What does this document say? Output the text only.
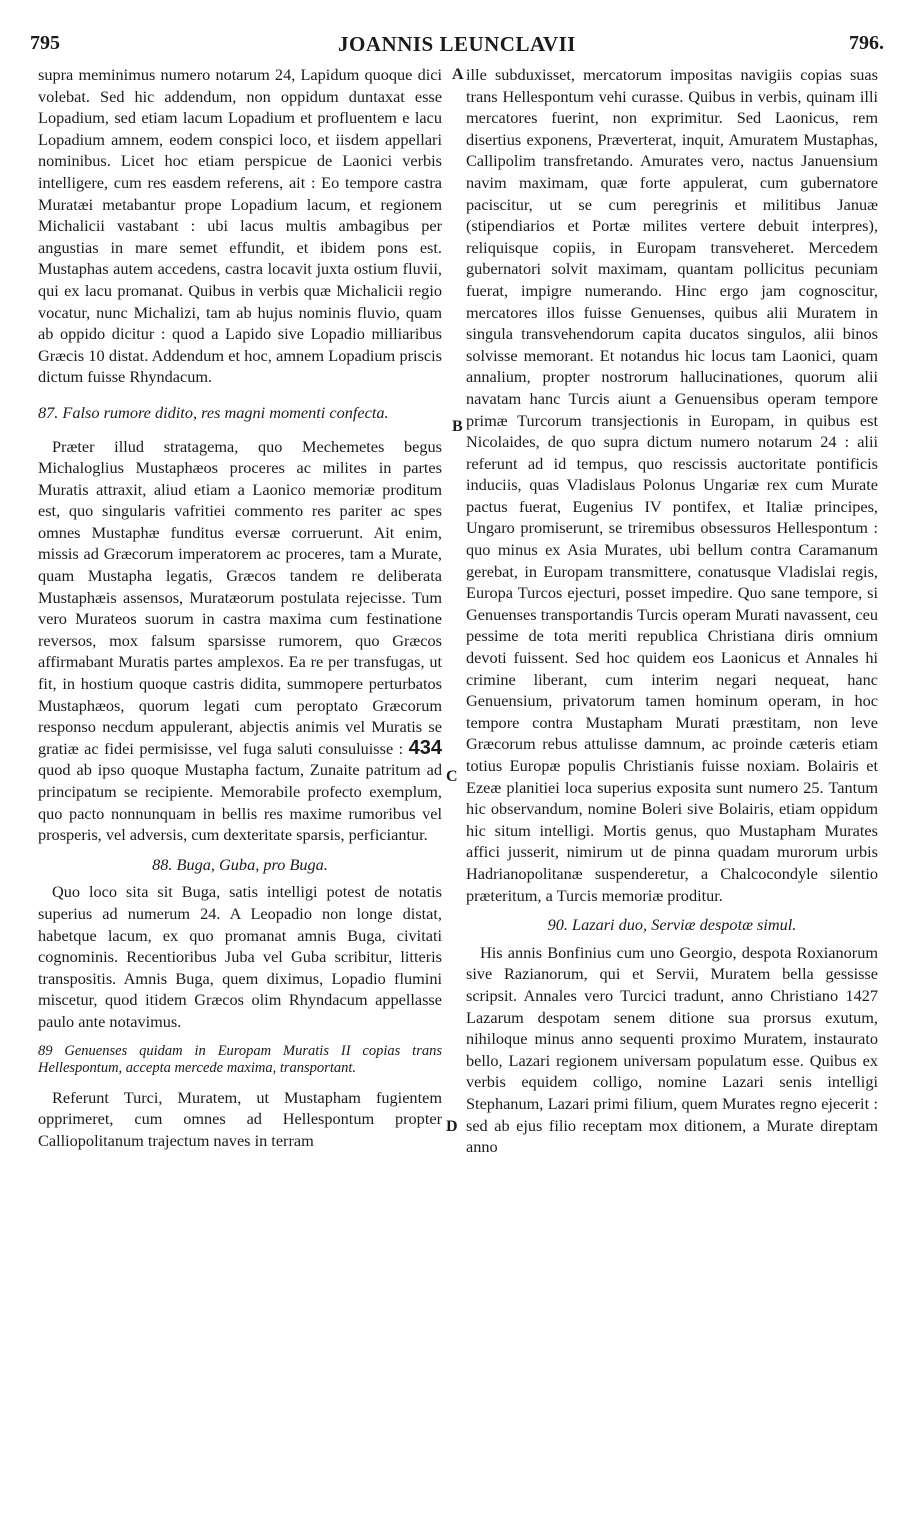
795	JOANNIS LEUNCLAVII	796.
A
B
C
D

supra meminimus numero notarum 24, Lapidum quoque dici volebat. Sed hic addendum, non oppidum duntaxat esse Lopadium, sed etiam lacum Lopadium et profluentem e lacu Lopadium amnem, eodem conspici loco, et iisdem appellari nominibus. Licet hoc etiam perspicue de Laonici verbis intelligere, cum res easdem referens, ait : Eo tempore castra Muratæi metabantur prope Lopadium lacum, et regionem Michalicii vastabant : ubi lacus multis ambagibus per angustias in mare semet effundit, et ibidem pons est. Mustaphas autem accedens, castra locavit juxta ostium fluvii, qui ex lacu promanat. Quibus in verbis quæ Michalicii regio vocatur, nunc Michalizi, tam ab hujus nominis fluvio, quam ab oppido dicitur : quod a Lapido sive Lopadio milliaribus Græcis 10 distat. Addendum et hoc, amnem Lopadium priscis dictum fuisse Rhyndacum.

87. Falso rumore didito, res magni momenti confecta.

Præter illud stratagema, quo Mechemetes begus Michaloglius Mustaphæos proceres ac milites in partes Muratis attraxit, aliud etiam a Laonico memoriæ proditum est, quo singularis vafritiei commento res pariter ac spes omnes Mustaphæ funditus eversæ corruerunt. Ait enim, missis ad Græcorum imperatorem ac proceres, tam a Murate, quam Mustapha legatis, Græcos tandem re deliberata Mustaphæis assensos, Muratæorum postulata rejecisse. Tum vero Murateos suorum in castra maxima cum festinatione reversos, mox falsum sparsisse rumorem, quo Græcos affirmabant Muratis partes amplexos. Ea re per transfugas, ut fit, in hostium quoque castris didita, summopere perturbatos Mustaphæos, quorum legati cum peroptato Græcorum responso necdum appulerant, abjectis animis vel Muratis se gratiæ ac fidei permisisse, vel fuga saluti consuluisse : 434 quod ab ipso quoque Mustapha factum, Zunaite patritum ad principatum se recipiente. Memorabile profecto exemplum, quo pacto nonnunquam in bellis res maxime rumoribus vel prosperis, vel adversis, cum dexteritate sparsis, perficiantur.

88. Buga, Guba, pro Buga.

Quo loco sita sit Buga, satis intelligi potest de notatis superius ad numerum 24. A Leopadio non longe distat, habetque lacum, ex quo promanat amnis Buga, civitati cognominis. Recentioribus Juba vel Guba scribitur, litteris transpositis. Amnis Buga, quem diximus, Lopadio flumini miscetur, quod itidem Græcos olim Rhyndacum appellasse paulo ante notavimus.

89 Genuenses quidam in Europam Muratis II copias trans Hellespontum, accepta mercede maxima, transportant.

Referunt Turci, Muratem, ut Mustapham fugientem opprimeret, cum omnes ad Hellespontum propter Calliopolitanum trajectum naves in terram

ille subduxisset, mercatorum impositas navigiis copias suas trans Hellespontum vehi curasse. Quibus in verbis, quinam illi mercatores fuerint, non exprimitur. Sed Laonicus, rem disertius exponens, Præverterat, inquit, Amuratem Mustaphas, Callipolim transfretando. Amurates vero, nactus Januensium navim maximam, quæ forte appulerat, cum gubernatore paciscitur, ut se cum peregrinis et militibus Januæ (stipendiarios et Portæ milites vertere debuit interpres), reliquisque copiis, in Europam transveheret. Mercedem gubernatori solvit maximam, quantam pollicitus pecuniam fuerat, impigre numerando. Hinc ergo jam cognoscitur, mercatores illos fuisse Genuenses, quibus alii Muratem in singula transvehendorum capita ducatos singulos, alii binos solvisse memorant. Et notandus hic locus tam Laonici, quam annalium, propter nostrorum hallucinationes, quorum alii navatam hanc Turcis aiunt a Genuensibus operam tempore primæ Turcorum transjectionis in Europam, in quibus est Nicolaides, de quo supra dictum numero notarum 24 : alii referunt ad id tempus, quo rescissis auctoritate pontificis induciis, quas Vladislaus Polonus Ungariæ rex cum Murate pactus fuerat, Eugenius IV pontifex, et Italiæ principes, Ungaro promiserunt, se triremibus obsessuros Hellespontum : quo minus ex Asia Murates, ubi bellum contra Caramanum gerebat, in Europam transmittere, conatusque Vladislai regis, Europa Turcos ejecturi, posset impedire. Quo sane tempore, si Genuenses transportandis Turcis operam Murati navassent, ceu pessime de tota meriti republica Christiana diris omnium devoti fuissent. Sed hoc quidem eos Laonicus et Annales hi crimine liberant, cum interim negari nequeat, hanc Genuensium, privatorum tamen hominum operam, in hoc tempore contra Mustapham Murati præstitam, non leve Græcorum rebus attulisse damnum, ac proinde cæteris etiam totius Europæ populis Christianis fuisse noxiam. Bolairis et Ezeæ planitiei loca superius exposita sunt numero 25. Tantum hic observandum, nomine Boleri sive Bolairis, etiam oppidum hic situm intelligi. Mortis genus, quo Mustapham Murates affici jusserit, nimirum ut de pinna quadam murorum urbis Hadrianopolitanæ suspenderetur, a Chalcocondyle silentio præteritum, a Turcis memoriæ proditur.

90. Lazari duo, Serviæ despotæ simul.

His annis Bonfinius cum uno Georgio, despota Roxianorum sive Razianorum, qui et Servii, Muratem bella gessisse scripsit. Annales vero Turcici tradunt, anno Christiano 1427 Lazarum despotam senem ditione sua prorsus exutum, nihiloque minus anno sequenti proximo Muratem, instaurato bello, Lazari regionem universam populatum esse. Quibus ex verbis equidem colligo, nomine Lazari senis intelligi Stephanum, Lazari primi filium, quem Murates regno ejecerit : sed ab ejus filio receptam mox ditionem, a Murate direptam anno
